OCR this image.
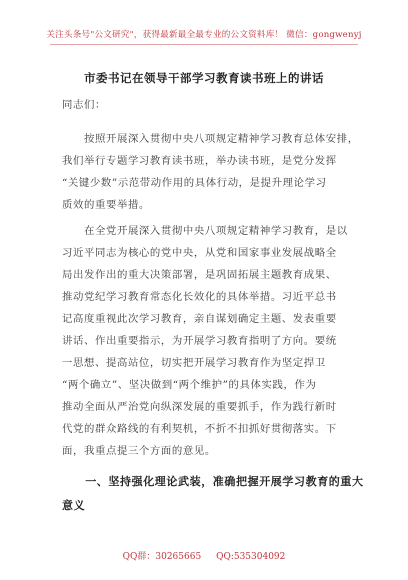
关注头条号"公文研究"，获得最新最全最专业的公文资料库！ 微信：gongwenyj
市委书记在领导干部学习教育读书班上的讲话
同志们：
　　按照开展深入贯彻中央八项规定精神学习教育总体安排，
我们举行专题学习教育读书班，举办读书班，是党分发挥
“关键少数”示范带动作用的具体行动，是提升理论学习
质效的重要举措。
　　在全党开展深入贯彻中央八项规定精神学习教育，是以
习近平同志为核心的党中央，从党和国家事业发展战略全
局出发作出的重大决策部署，是巩固拓展主题教育成果、
推动党纪学习教育常态化长效化的具体举措。习近平总书
记高度重视此次学习教育，亲自谋划确定主题、发表重要
讲话、作出重要指示，为开展学习教育指明了方向。要统
一思想、提高站位，切实把开展学习教育作为坚定捍卫
“两个确立”、坚决做到“两个维护”的具体实践，作为
推动全面从严治党向纵深发展的重要抓手，作为践行新时
代党的群众路线的有利契机，不折不扣抓好贯彻落实。下
面，我重点提三个方面的意见。
　　一、坚持强化理论武装，准确把握开展学习教育的重大
意义
QQ群：30265665 QQ:535304092
